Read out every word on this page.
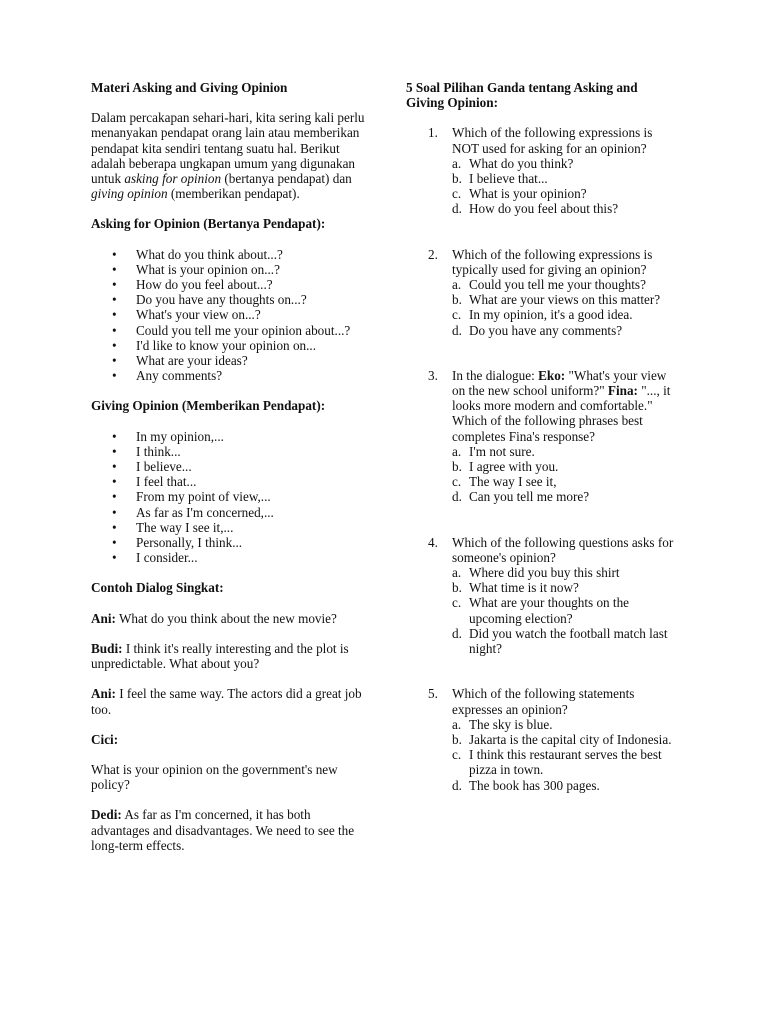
Materi Asking and Giving Opinion

Dalam percakapan sehari-hari, kita sering kali perlu menanyakan pendapat orang lain atau memberikan pendapat kita sendiri tentang suatu hal. Berikut adalah beberapa ungkapan umum yang digunakan untuk asking for opinion (bertanya pendapat) dan giving opinion (memberikan pendapat).

Asking for Opinion (Bertanya Pendapat):
• What do you think about...?
• What is your opinion on...?
• How do you feel about...?
• Do you have any thoughts on...?
• What's your view on...?
• Could you tell me your opinion about...?
• I'd like to know your opinion on...
• What are your ideas?
• Any comments?
Giving Opinion (Memberikan Pendapat):
• In my opinion,...
• I think...
• I believe...
• I feel that...
• From my point of view,...
• As far as I'm concerned,...
• The way I see it,...
• Personally, I think...
• I consider...
Contoh Dialog Singkat:

Ani: What do you think about the new movie?

Budi: I think it's really interesting and the plot is unpredictable. What about you?

Ani: I feel the same way. The actors did a great job too.

Cici:

What is your opinion on the government's new policy?

Dedi: As far as I'm concerned, it has both advantages and disadvantages. We need to see the long-term effects.

5 Soal Pilihan Ganda tentang Asking and Giving Opinion:
1. Which of the following expressions is NOT used for asking for an opinion?
a. What do you think?
b. I believe that...
c. What is your opinion?
d. How do you feel about this?
2. Which of the following expressions is typically used for giving an opinion?
a. Could you tell me your thoughts?
b. What are your views on this matter?
c. In my opinion, it's a good idea.
d. Do you have any comments?
3. In the dialogue: Eko: "What's your view on the new school uniform?" Fina: "..., it looks more modern and comfortable." Which of the following phrases best completes Fina's response?
a. I'm not sure.
b. I agree with you.
c. The way I see it,
d. Can you tell me more?
4. Which of the following questions asks for someone's opinion?
a. Where did you buy this shirt
b. What time is it now?
c. What are your thoughts on the upcoming election?
d. Did you watch the football match last night?
5. Which of the following statements expresses an opinion?
a. The sky is blue.
b. Jakarta is the capital city of Indonesia.
c. I think this restaurant serves the best pizza in town.
d. The book has 300 pages.
